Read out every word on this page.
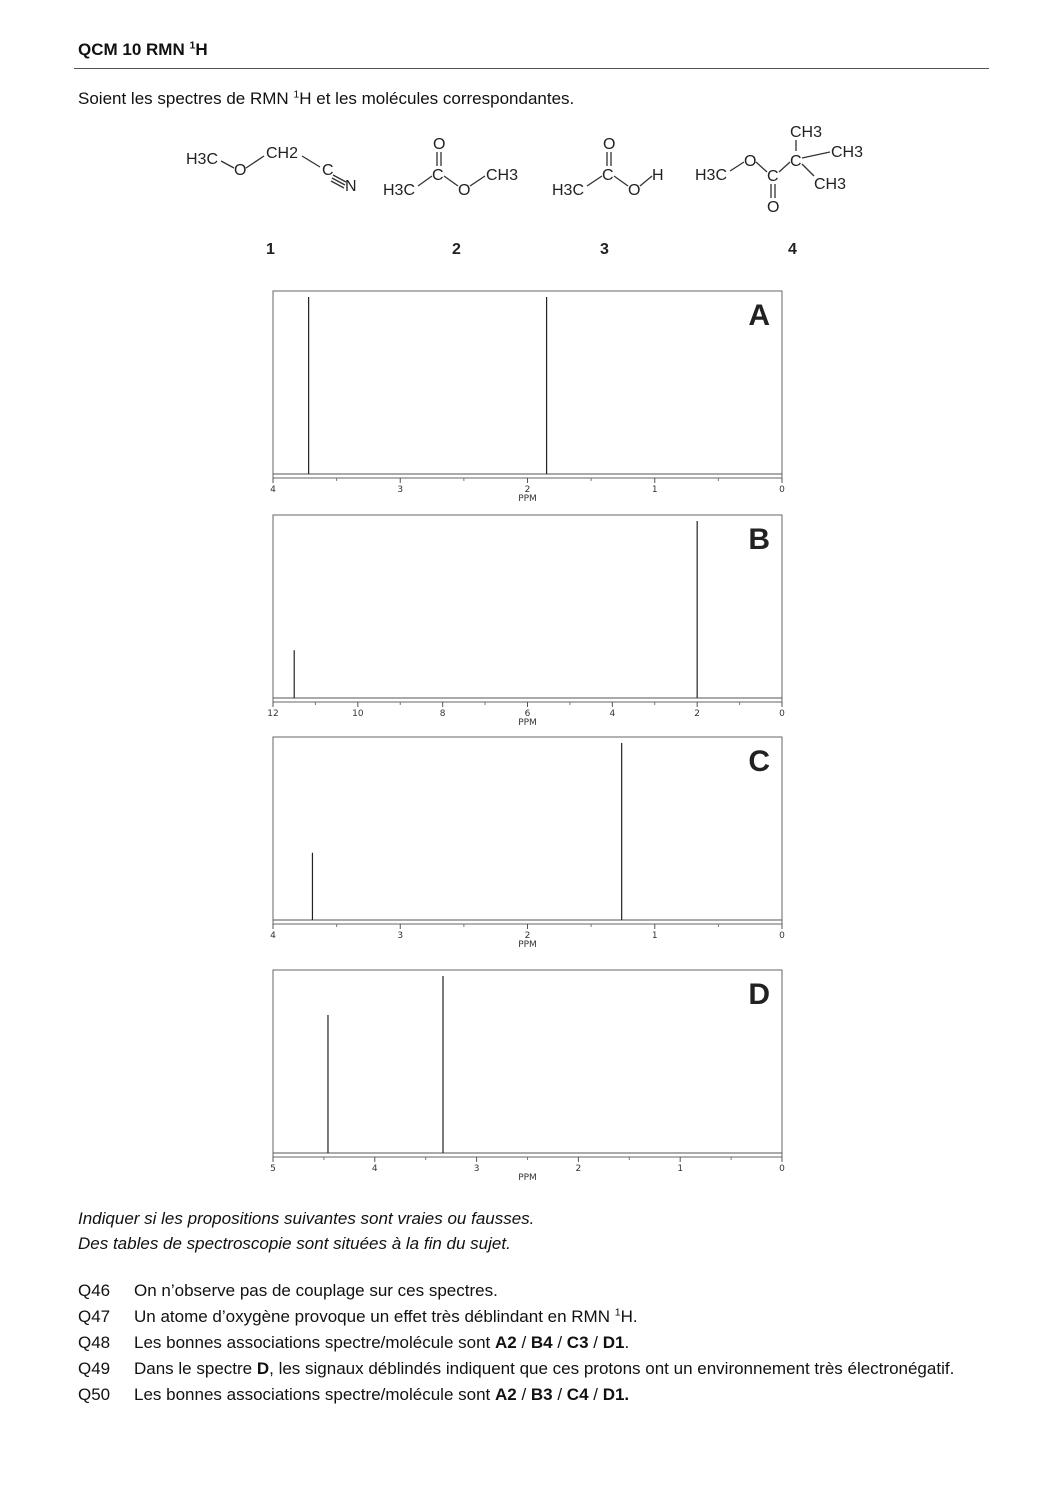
QCM 10 RMN $^1$H
Soient les spectres de RMN $^1$H et les molécules correspondantes.
H3C
O
CH2
C
N
1
H3C
C
O
O
CH3
2
H3C
C
O
O
H
3
H3C
O
C
O
C
CH3
CH3
CH3
4
4	3	2	1	0
PPM
A
12	10	8	6	4	2	0
PPM
B
4	3	2	1	0
PPM
C
5	4	3	2	1	0
PPM
D
Indiquer si les propositions suivantes sont vraies ou fausses.
Des tables de spectroscopie sont situées à la fin du sujet.
Q46	On n’observe pas de couplage sur ces spectres.
Q47	Un atome d’oxygène provoque un effet très déblindant en RMN $^1$H.
Q48	Les bonnes associations spectre/molécule sont A2 / B4 / C3 / D1.
Q49	Dans le spectre D, les signaux déblindés indiquent que ces protons ont un environnement très électronégatif.
Q50	Les bonnes associations spectre/molécule sont A2 / B3 / C4 / D1.
